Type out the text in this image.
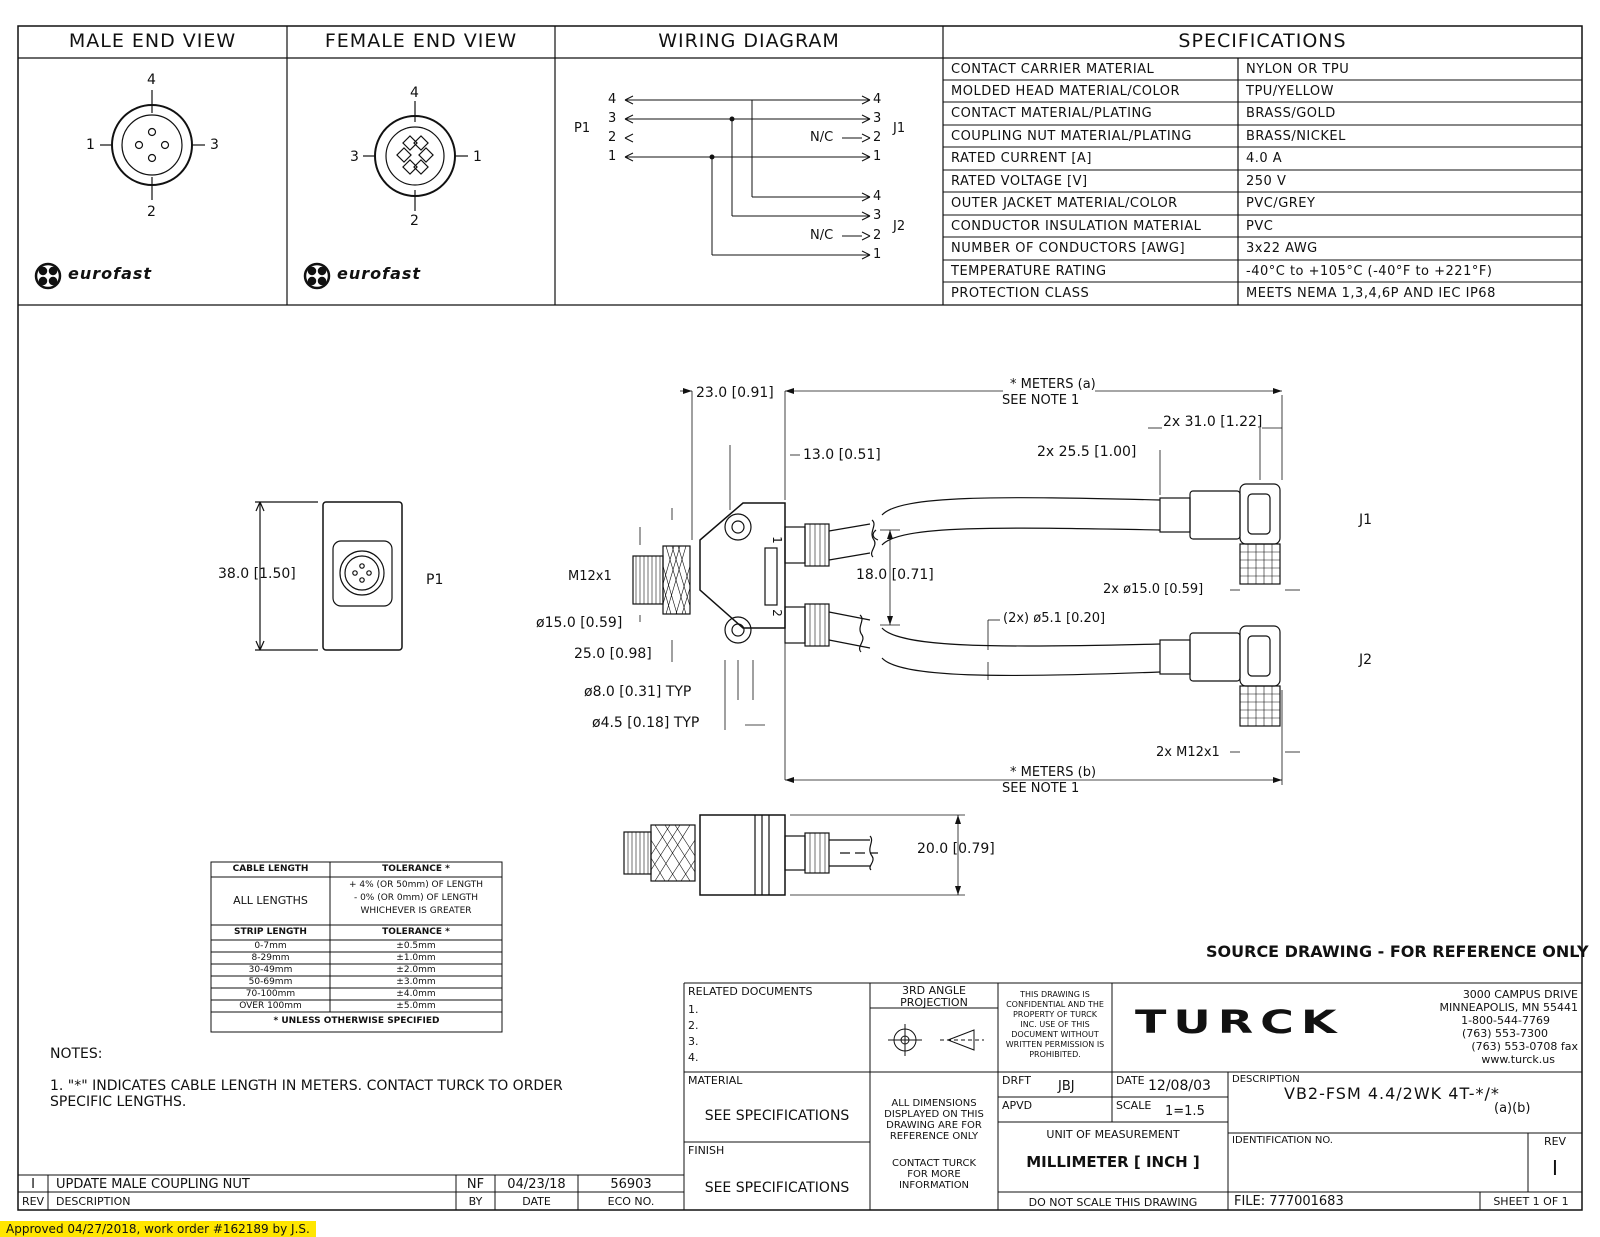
MALE END VIEW	FEMALE END VIEW	WIRING DIAGRAM	SPECIFICATIONS
4
1	3
2
4
3	1
2
eurofast	eurofast
P1	J1
J2
4
3
2
1
4
3
2
1
N/C
4
3
2
1
N/C
CONTACT CARRIER MATERIAL	NYLON OR TPU
MOLDED HEAD MATERIAL/COLOR	TPU/YELLOW
CONTACT MATERIAL/PLATING	BRASS/GOLD
COUPLING NUT MATERIAL/PLATING	BRASS/NICKEL
RATED CURRENT [A]	4.0 A
RATED VOLTAGE [V]	250 V
OUTER JACKET MATERIAL/COLOR	PVC/GREY
CONDUCTOR INSULATION MATERIAL	PVC
NUMBER OF CONDUCTORS [AWG]	3x22 AWG
TEMPERATURE RATING	-40°C to +105°C (-40°F to +221°F)
PROTECTION CLASS	MEETS NEMA 1,3,4,6P AND IEC IP68
23.0 [0.91]
* METERS (a)
SEE NOTE 1
2x 31.0 [1.22]
13.0 [0.51]	2x 25.5 [1.00]
J1
38.0 [1.50]	P1	M12x1	18.0 [0.71]
2x ø15.0 [0.59]
ø15.0 [0.59]	(2x) ø5.1 [0.20]
25.0 [0.98]	J2
ø8.0 [0.31] TYP
ø4.5 [0.18] TYP
2x M12x1
* METERS (b)
SEE NOTE 1
20.0 [0.79]
1
2
CABLE LENGTH	TOLERANCE *
ALL LENGTHS
+ 4% (OR 50mm) OF LENGTH
- 0% (OR 0mm) OF LENGTH
WHICHEVER IS GREATER
STRIP LENGTH	TOLERANCE *
0-7mm	±0.5mm
8-29mm	±1.0mm
30-49mm	±2.0mm
50-69mm	±3.0mm
70-100mm	±4.0mm
OVER 100mm	±5.0mm
* UNLESS OTHERWISE SPECIFIED
NOTES:
1. "*" INDICATES CABLE LENGTH IN METERS. CONTACT TURCK TO ORDER
SPECIFIC LENGTHS.
SOURCE DRAWING - FOR REFERENCE ONLY
I	UPDATE MALE COUPLING NUT	NF	04/23/18	56903
REV	DESCRIPTION	BY	DATE	ECO NO.
RELATED DOCUMENTS
1.
2.
3.
4.
3RD ANGLE PROJECTION
THIS DRAWING IS
CONFIDENTIAL AND THE
PROPERTY OF TURCK
INC. USE OF THIS
DOCUMENT WITHOUT
WRITTEN PERMISSION IS
PROHIBITED.
TURCK
3000 CAMPUS DRIVE
MINNEAPOLIS, MN 55441
1-800-544-7769
(763) 553-7300
(763) 553-0708 fax
www.turck.us
MATERIAL
SEE SPECIFICATIONS
ALL DIMENSIONS
DISPLAYED ON THIS
DRAWING ARE FOR
REFERENCE ONLY
CONTACT TURCK
FOR MORE
INFORMATION
FINISH
SEE SPECIFICATIONS
DRFT JBJ	DATE 12/08/03
APVD	SCALE 1=1.5
UNIT OF MEASUREMENT
MILLIMETER [ INCH ]
DO NOT SCALE THIS DRAWING
DESCRIPTION
VB2-FSM 4.4/2WK 4T-*/*
(a)(b)
IDENTIFICATION NO.	REV
I
FILE: 777001683	SHEET 1 OF 1
Approved 04/27/2018, work order #162189 by J.S.
